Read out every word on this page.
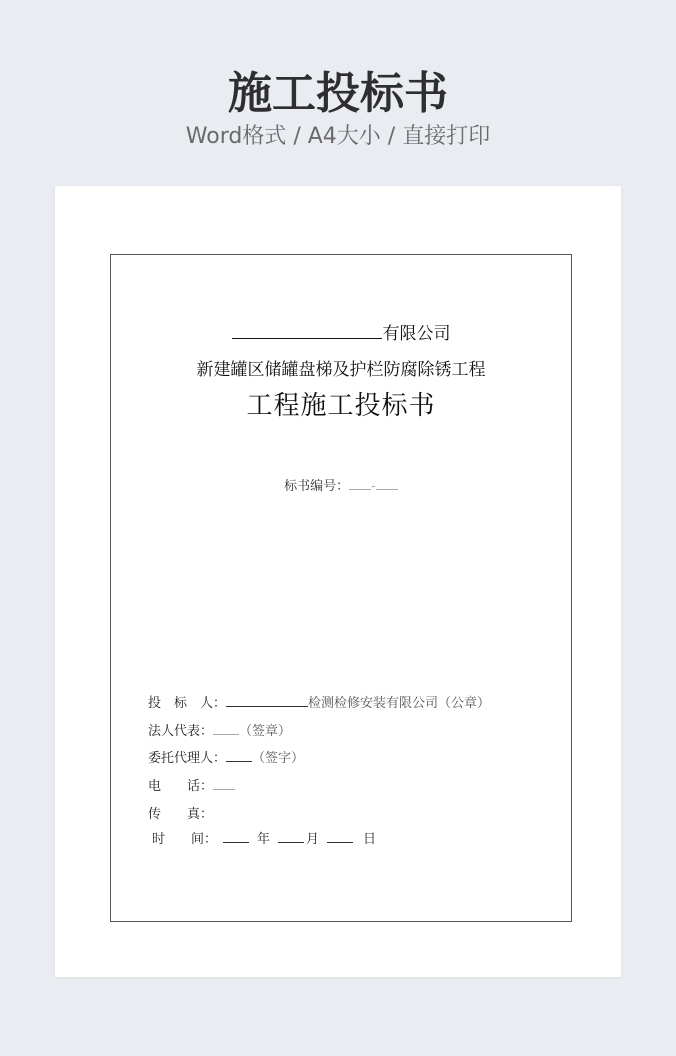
施工投标书
Word格式 / A4大小 / 直接打印
有限公司
新建罐区储罐盘梯及护栏防腐除锈工程
工程施工投标书
标书编号： -
投　标　人：	检测检修安装有限公司（公章）
法人代表： （签章）
委托代理人： （签字）
电　　话：
传　　真：
时　　间：	年	月	日
